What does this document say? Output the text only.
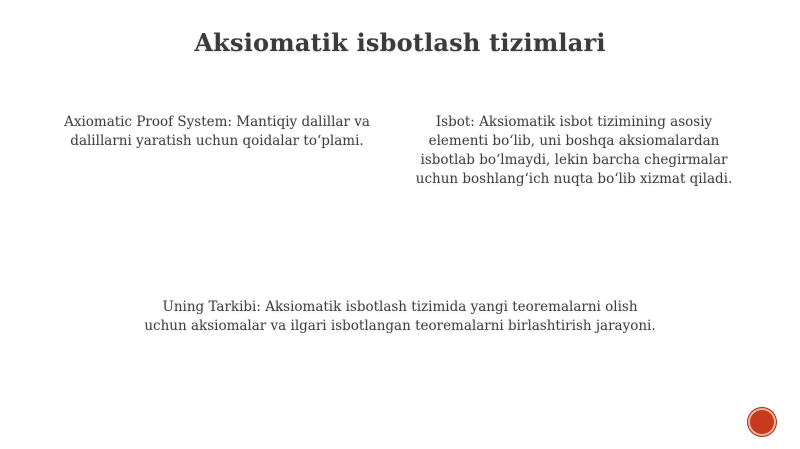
Aksiomatik isbotlash tizimlari
Axiomatic Proof System: Mantiqiy dalillar va dalillarni yaratish uchun qoidalar toʻplami.
Isbot: Aksiomatik isbot tizimining asosiy elementi boʻlib, uni boshqa aksiomalardan isbotlab boʻlmaydi, lekin barcha chegirmalar uchun boshlangʻich nuqta boʻlib xizmat qiladi.
Uning Tarkibi: Aksiomatik isbotlash tizimida yangi teoremalarni olish uchun aksiomalar va ilgari isbotlangan teoremalarni birlashtirish jarayoni.
